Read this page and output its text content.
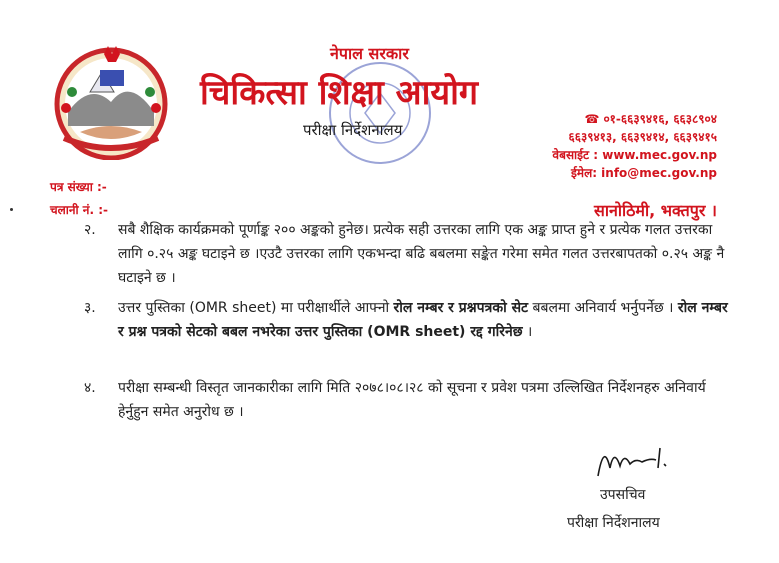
नेपाल सरकार
चिकित्सा शिक्षा आयोग
परीक्षा निर्देशनालय
☎ ०१-६६३९४१६, ६६३८९०४
६६३९४१३, ६६३९४१४, ६६३९४१५
वेबसाईट : www.mec.gov.np
ईमेल: info@mec.gov.np
पत्र संख्या :-
चलानी नं. :-	सानोठिमी, भक्तपुर ।
२.	सबै शैक्षिक कार्यक्रमको पूर्णाङ्क २०० अङ्कको हुनेछ। प्रत्येक सही उत्तरका लागि एक अङ्क प्राप्त हुने र प्रत्येक गलत उत्तरका लागि ०.२५ अङ्क घटाइने छ ।एउटै उत्तरका लागि एकभन्दा बढि बबलमा सङ्केत गरेमा समेत गलत उत्तरबापतको ०.२५ अङ्क नै घटाइने छ ।
३.	उत्तर पुस्तिका (OMR sheet) मा परीक्षार्थीले आफ्नो रोल नम्बर र प्रश्नपत्रको सेट बबलमा अनिवार्य भर्नुपर्नेछ । रोल नम्बर र प्रश्न पत्रको सेटको बबल नभरेका उत्तर पुस्तिका (OMR sheet) रद्द गरिनेछ ।
४.	परीक्षा सम्बन्धी विस्तृत जानकारीका लागि मिति २०७८।०८।२८ को सूचना र प्रवेश पत्रमा उल्लिखित निर्देशनहरु अनिवार्य हेर्नुहुन समेत अनुरोध छ ।
उपसचिव
परीक्षा निर्देशनालय
